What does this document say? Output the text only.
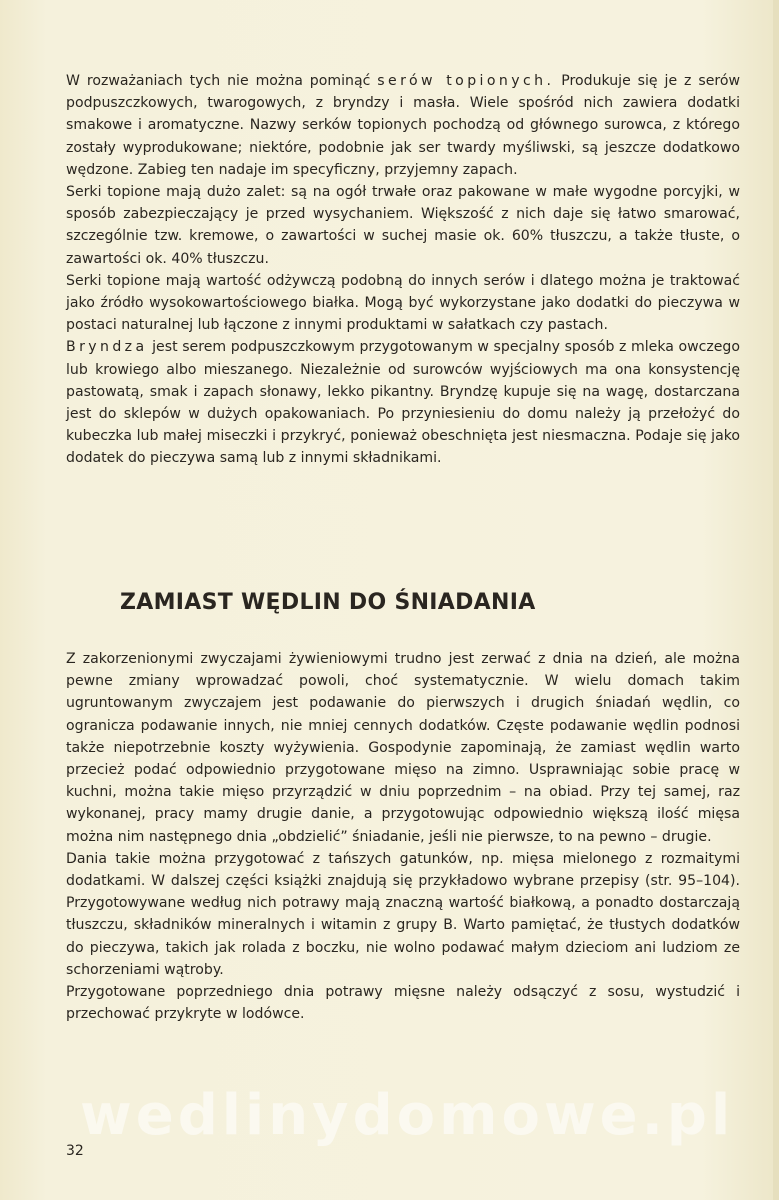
W rozważaniach tych nie można pominąć serów topionych. Produkuje się je z serów podpuszczkowych, twarogowych, z bryndzy i masła. Wiele spośród nich zawiera dodatki smakowe i aromatyczne. Nazwy serków topionych pochodzą od głównego surowca, z którego zostały wyprodukowane; niektóre, podobnie jak ser twardy myśliwski, są jeszcze dodatkowo wędzone. Zabieg ten nadaje im specyficzny, przyjemny zapach.

Serki topione mają dużo zalet: są na ogół trwałe oraz pakowane w małe wygodne porcyjki, w sposób zabezpieczający je przed wysychaniem. Większość z nich daje się łatwo smarować, szczególnie tzw. kremowe, o zawartości w suchej masie ok. 60% tłuszczu, a także tłuste, o zawartości ok. 40% tłuszczu.

Serki topione mają wartość odżywczą podobną do innych serów i dlatego można je traktować jako źródło wysokowartościowego białka. Mogą być wykorzystane jako dodatki do pieczywa w postaci naturalnej lub łączone z innymi produktami w sałatkach czy pastach.

Bryndza jest serem podpuszczkowym przygotowanym w specjalny sposób z mleka owczego lub krowiego albo mieszanego. Niezależnie od surowców wyjściowych ma ona konsystencję pastowatą, smak i zapach słonawy, lekko pikantny. Bryndzę kupuje się na wagę, dostarczana jest do sklepów w dużych opakowaniach. Po przyniesieniu do domu należy ją przełożyć do kubeczka lub małej miseczki i przykryć, ponieważ obeschnięta jest niesmaczna. Podaje się jako dodatek do pieczywa samą lub z innymi składnikami.

ZAMIAST WĘDLIN DO ŚNIADANIA

Z zakorzenionymi zwyczajami żywieniowymi trudno jest zerwać z dnia na dzień, ale można pewne zmiany wprowadzać powoli, choć systematycznie. W wielu domach takim ugruntowanym zwyczajem jest podawanie do pierwszych i drugich śniadań wędlin, co ogranicza podawanie innych, nie mniej cennych dodatków. Częste podawanie wędlin podnosi także niepotrzebnie koszty wyżywienia. Gospodynie zapominają, że zamiast wędlin warto przecież podać odpowiednio przygotowane mięso na zimno. Usprawniając sobie pracę w kuchni, można takie mięso przyrządzić w dniu poprzednim – na obiad. Przy tej samej, raz wykonanej, pracy mamy drugie danie, a przygotowując odpowiednio większą ilość mięsa można nim następnego dnia „obdzielić” śniadanie, jeśli nie pierwsze, to na pewno – drugie.

Dania takie można przygotować z tańszych gatunków, np. mięsa mielonego z rozmaitymi dodatkami. W dalszej części książki znajdują się przykładowo wybrane przepisy (str. 95–104). Przygotowywane według nich potrawy mają znaczną wartość białkową, a ponadto dostarczają tłuszczu, składników mineralnych i witamin z grupy B. Warto pamiętać, że tłustych dodatków do pieczywa, takich jak rolada z boczku, nie wolno podawać małym dzieciom ani ludziom ze schorzeniami wątroby.

Przygotowane poprzedniego dnia potrawy mięsne należy odsączyć z sosu, wystudzić i przechować przykryte w lodówce.

wedlinydomowe.pl
32
